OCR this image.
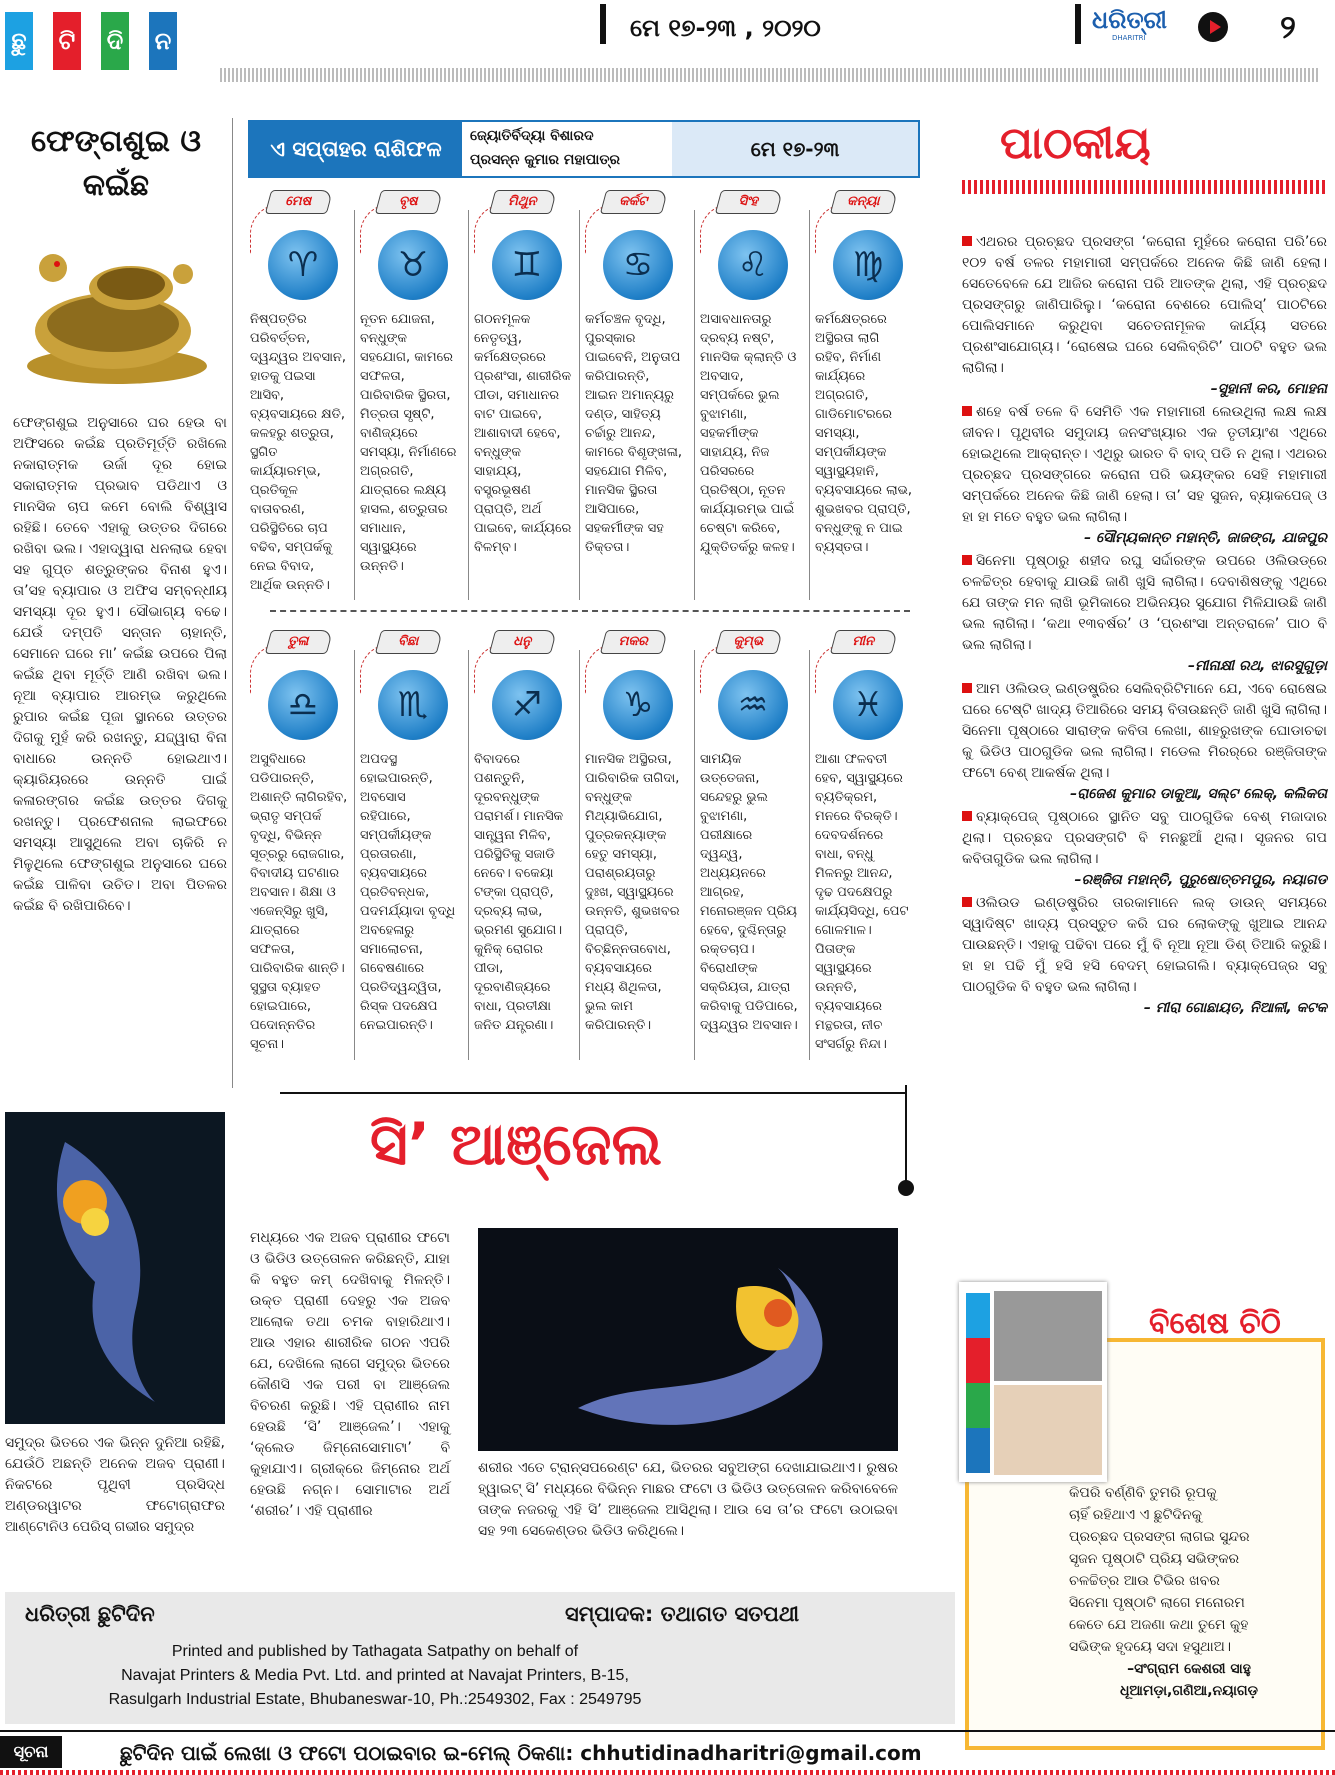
ଛୁ ଟି ଦି ନ	ମେ ୧୭-୨୩ , ୨୦୨୦	ଧରିତ୍ରୀ
DHARITRI	୨
ଫେଙ୍ଗଶୁଇ ଓ କଇଁଛ
ଫେଙ୍ଗଶୁଇ ଅନୁସାରେ ଘର ହେଉ ବା ଅଫିସରେ କଇଁଛ ପ୍ରତିମୂର୍ତ୍ତି ରଖିଲେ ନକାରାତ୍ମକ ଉର୍ଜା ଦୂର ହୋଇ ସକାରାତ୍ମକ ପ୍ରଭାବ ପଡିଥାଏ ଓ ମାନସିକ ଚାପ କମେ ବୋଲି ବିଶ୍ୱାସ ରହିଛି। ତେବେ ଏହାକୁ ଉତ୍ତର ଦିଗରେ ରଖିବା ଭଲ। ଏହାଦ୍ୱାରା ଧନଲାଭ ହେବା ସହ ଗୁପ୍ତ ଶତ୍ରୁଙ୍କର ବିନାଶ ହୁଏ। ତା’ସହ ବ୍ୟାପାର ଓ ଅଫିସ ସମ୍ବନ୍ଧୀୟ ସମସ୍ୟା ଦୂର ହୁଏ। ସୌଭାଗ୍ୟ ବଢେ। ଯେଉଁ ଦମ୍ପତି ସନ୍ତାନ ଚାହାନ୍ତି, ସେମାନେ ଘରେ ମା’ କଇଁଛ ଉପରେ ପିଲା କଇଁଛ ଥିବା ମୂର୍ତ୍ତି ଆଣି ରଖିବା ଭଲ। ନୂଆ ବ୍ୟାପାର ଆରମ୍ଭ କରୁଥିଲେ ରୁପାର କଇଁଛ ପୂଜା ସ୍ଥାନରେ ଉତ୍ତର ଦିଗକୁ ମୁହଁ କରି ରଖନ୍ତୁ, ଯଦ୍ଦ୍ୱାରା ବିନା ବାଧାରେ ଉନ୍ନତି ହୋଇଥାଏ। କ୍ୟାରିୟରରେ ଉନ୍ନତି ପାଇଁ କଳାରଙ୍ଗର କଇଁଛ ଉତ୍ତର ଦିଗକୁ ରଖନ୍ତୁ। ପ୍ରଫେଶନାଲ ଲାଇଫରେ ସମସ୍ୟା ଆସୁଥିଲେ ଅବା ଚାକିରି ନ ମିଳୁଥିଲେ ଫେଙ୍ଗଶୁଇ ଅନୁସାରେ ଘରେ କଇଁଛ ପାଳିବା ଉଚିତ। ଅବା ପିତଳର କଇଁଛ ବି ରଖିପାରିବେ।
ଏ ସପ୍ତାହର ରାଶିଫଳ
ଜ୍ୟୋତିର୍ବିଦ୍ୟା ବିଶାରଦ
ପ୍ରସନ୍ନ କୁମାର ମହାପାତ୍ର	ମେ ୧୭-୨୩
ମେଷ
♈
ନିଷ୍ପତ୍ତିର ପରିବର୍ତ୍ତନ, ଦ୍ୱନ୍ଦ୍ୱର ଅବସାନ, ହାତକୁ ପଇସା ଆସିବ, ବ୍ୟବସାୟରେ କ୍ଷତି, କଳହରୁ ଶତ୍ରୁତା, ସ୍ଥଗିତ କାର୍ଯ୍ୟାରମ୍ଭ, ପ୍ରତିକୂଳ ବାତାବରଣ, ପରିସ୍ଥିତିରେ ଚାପ ବଢିବ, ସମ୍ପର୍କକୁ ନେଇ ବିବାଦ, ଆର୍ଥିକ ଉନ୍ନତି।
ବୃଷ
♉
ନୂତନ ଯୋଜନା, ବନ୍ଧୁଙ୍କ ସହଯୋଗ, କାମରେ ସଫଳତା, ପାରିବାରିକ ସ୍ଥିରତା, ମିତ୍ରତା ସୃଷ୍ଟି, ବାଣିଜ୍ୟରେ ସମସ୍ୟା, ନିର୍ମାଣରେ ଅଗ୍ରଗତି, ଯାତ୍ରାରେ ଲକ୍ଷ୍ୟ ହାସଲ, ଶତ୍ରୁତାର ସମାଧାନ, ସ୍ୱାସ୍ଥ୍ୟରେ ଉନ୍ନତି।
ମିଥୁନ
♊
ଗଠନମୂଳକ ନେତୃତ୍ୱ, କର୍ମକ୍ଷେତ୍ରରେ ପ୍ରଶଂସା, ଶାରୀରିକ ପୀଡା, ସମାଧାନର ବାଟ ପାଇବେ, ଆଶାବାଦୀ ହେବେ, ବନ୍ଧୁଙ୍କ ସାହାଯ୍ୟ, ବସ୍ତ୍ରଭୂଷଣ ପ୍ରାପ୍ତି, ଅର୍ଥ ପାଇବେ, କାର୍ଯ୍ୟରେ ବିଳମ୍ବ।
କର୍କଟ
♋
କର୍ମଚଞ୍ଚଳ ବୃଦ୍ଧି, ପୁରସ୍କାର ପାଇବେନି, ଅନୁତାପ କରିପାରନ୍ତି, ଆଇନ ଅମାନ୍ୟରୁ ଦଣ୍ଡ, ସାହିତ୍ୟ ଚର୍ଚ୍ଚାରୁ ଆନନ୍ଦ, କାମରେ ବିଶୃଙ୍ଖଳା, ସହଯୋଗ ମିଳିବ, ମାନସିକ ସ୍ଥିରତା ଆସିପାରେ, ସହକର୍ମୀଙ୍କ ସହ ତିକ୍ତତା।
ସିଂହ
♌
ଅସାବଧାନତାରୁ ଦ୍ରବ୍ୟ ନଷ୍ଟ, ମାନସିକ କ୍ଲାନ୍ତି ଓ ଅବସାଦ, ସମ୍ପର୍କରେ ଭୁଲ ବୁଝାମଣା, ସହକର୍ମୀଙ୍କ ସାହାଯ୍ୟ, ନିଜ ପରିସରରେ ପ୍ରତିଷ୍ଠା, ନୂତନ କାର୍ଯ୍ୟାରମ୍ଭ ପାଇଁ ଚେଷ୍ଟା କରିବେ, ଯୁକ୍ତିତର୍କରୁ କଳହ।
କନ୍ୟା
♍
କର୍ମକ୍ଷେତ୍ରରେ ଅସ୍ଥିରତା ଲାଗି ରହିବ, ନିର୍ମାଣ କାର୍ଯ୍ୟରେ ଅଗ୍ରଗତି, ଗାଡିମୋଟରରେ ସମସ୍ୟା, ସମ୍ପର୍କୀୟଙ୍କ ସ୍ୱାସ୍ଥ୍ୟହାନି, ବ୍ୟବସାୟରେ ଲାଭ, ଶୁଭଖବର ପ୍ରାପ୍ତି, ବନ୍ଧୁଙ୍କୁ ନ ପାଇ ବ୍ୟସ୍ତତା।
ତୁଳା
♎
ଅସୁବିଧାରେ ପଡିପାରନ୍ତି, ଅଶାନ୍ତି ଲାଗିରହିବ, ଭ୍ରାତୃ ସମ୍ପର୍କ ବୃଦ୍ଧି, ବିଭିନ୍ନ ସୂତ୍ରରୁ ରୋଜଗାର, ବିବାଦୀୟ ଘଟଣାର ଅବସାନ। ଶିକ୍ଷା ଓ ଏଜେନ୍ସିରୁ ଖୁସି, ଯାତ୍ରାରେ ସଫଳତା, ପାରିବାରିକ ଶାନ୍ତି। ସୁସ୍ଥତା ବ୍ୟାହତ ହୋଇପାରେ, ପଦୋନ୍ନତିର ସୂଚନା।
ବିଛା
♏
ଅପଦସ୍ଥ ହୋଇପାରନ୍ତି, ଅବସୋସ ରହିପାରେ, ସମ୍ପର୍କୀୟଙ୍କ ପ୍ରତାରଣା, ବ୍ୟବସାୟରେ ପ୍ରତିବନ୍ଧକ, ପଦମର୍ଯ୍ୟାଦା ବୃଦ୍ଧି ଅବହେଳାରୁ ସମାଲୋଚନା, ଗବେଷଣାରେ ପ୍ରତିଦ୍ୱନ୍ଦ୍ୱିତା, ରିସ୍କ ପଦକ୍ଷେପ ନେଇପାରନ୍ତି।
ଧନୁ
♐
ବିବାଦରେ ପଶନ୍ତୁନି, ଦୂରବନ୍ଧୁଙ୍କ ପରାମର୍ଶ। ମାନସିକ ସାନ୍ତ୍ୱନା ମିଳିବ, ପରିସ୍ଥିତିକୁ ସଜାଡି ନେବେ। ବକେୟା ଟଙ୍କା ପ୍ରାପ୍ତି, ଦ୍ରବ୍ୟ ଲାଭ, ଭ୍ରମଣ ସୁଯୋଗ। କୁନିକ୍ ରୋଗର ପୀଡା, ଦୂରବାଣିଜ୍ୟରେ ବାଧା, ପ୍ରତୀକ୍ଷା ଜନିତ ଯନ୍ତ୍ରଣା।
ମକର
♑
ମାନସିକ ଅସ୍ଥିରତା, ପାରିବାରିକ ତାଗିଦା, ବନ୍ଧୁଙ୍କ ମିଥ୍ୟାଭିଯୋଗ, ପୁତ୍ରକନ୍ୟାଙ୍କ ହେତୁ ସମସ୍ୟା, ପରାଶ୍ରୟତାରୁ ଦୁଃଖ, ସ୍ୱାସ୍ଥ୍ୟରେ ଉନ୍ନତି, ଶୁଭଖବର ପ୍ରାପ୍ତି, ବିଚ୍ଛିନ୍ନତାବୋଧ, ବ୍ୟବସାୟରେ ମଧ୍ୟ ଶିଥିଳତା, ଭୁଲ କାମ କରିପାରନ୍ତି।
କୁମ୍ଭ
♒
ସାମୟିକ ଉତ୍ତେଜନା, ସନ୍ଦେହରୁ ଭୁଲ ବୁଝାମଣା, ପରୀକ୍ଷାରେ ଦ୍ୱନ୍ଦ୍ୱ, ଅଧ୍ୟୟନରେ ଆଗ୍ରହ, ମନୋରଞ୍ଜନ ପ୍ରିୟ ହେବେ, ଦୁଶ୍ଚିନ୍ତାରୁ ରକ୍ତଚାପ। ବିରୋଧୀଙ୍କ ସକ୍ରିୟତା, ଯାତ୍ରା କରିବାକୁ ପଡିପାରେ, ଦ୍ୱନ୍ଦ୍ୱର ଅବସାନ।
ମୀନ
♓
ଆଶା ଫଳବତୀ ହେବ, ସ୍ୱାସ୍ଥ୍ୟରେ ବ୍ୟତିକ୍ରମ, ମନରେ ବିରକ୍ତି। ଦେବଦର୍ଶନରେ ବାଧା, ବନ୍ଧୁ ମିଳନରୁ ଆନନ୍ଦ, ଦୃଢ ପଦକ୍ଷେପରୁ କାର୍ଯ୍ୟସିଦ୍ଧି, ପେଟ ଗୋଳମାଳ। ପିତାଙ୍କ ସ୍ୱାସ୍ଥ୍ୟରେ ଉନ୍ନତି, ବ୍ୟବସାୟରେ ମନ୍ଥରତା, ନୀଚ ସଂସର୍ଗରୁ ନିନ୍ଦା।
ସି’ ଆଞ୍ଜେଲ
ସମୁଦ୍ର ଭିତରେ ଏକ ଭିନ୍ନ ଦୁନିଆ ରହିଛି, ଯେଉଁଠି ଅଛନ୍ତି ଅନେକ ଅଜବ ପ୍ରାଣୀ। ନିକଟରେ ପୃଥିବୀ ପ୍ରସିଦ୍ଧ ଅଣ୍ଡରୱାଟର ଫଟୋଗ୍ରାଫର ଆଣ୍ଟୋନିଓ ପେରିସ୍ ଗଭୀର ସମୁଦ୍ର
ମଧ୍ୟରେ ଏକ ଅଜବ ପ୍ରାଣୀର ଫଟୋ ଓ ଭିଡିଓ ଉତ୍ତୋଳନ କରିଛନ୍ତି, ଯାହା କି ବହୁତ କମ୍ ଦେଖିବାକୁ ମିଳନ୍ତି। ଉକ୍ତ ପ୍ରାଣୀ ଦେହରୁ ଏକ ଅଜବ ଆଲୋକ ତଥା ଚମକ ବାହାରିଥାଏ। ଆଉ ଏହାର ଶାରୀରିକ ଗଠନ ଏପରି ଯେ, ଦେଖିଲେ ଲାଗେ ସମୁଦ୍ର ଭିତରେ କୌଣସି ଏକ ପରୀ ବା ଆଞ୍ଜେଲ ବିଚରଣ କରୁଛି। ଏହି ପ୍ରାଣୀର ନାମ ହେଉଛି ‘ସି’ ଆଞ୍ଜେଲ’। ଏହାକୁ ‘କ୍ଲେଡ ଜିମ୍ନୋସୋମାଟା’ ବି କୁହାଯାଏ। ଗ୍ରୀକ୍‌ରେ ଜିମ୍ନୋର ଅର୍ଥ ହେଉଛି ନଗ୍ନ। ସୋମାଟାର ଅର୍ଥ ‘ଶରୀର’। ଏହି ପ୍ରାଣୀର
ଶରୀର ଏତେ ଟ୍ରାନ୍ସପରେଣ୍ଟ ଯେ, ଭିତରର ସବୁଅଙ୍ଗ ଦେଖାଯାଇଥାଏ। ରୁଷର ହ୍ୱାଇଟ୍ ସି’ ମଧ୍ୟରେ ବିଭିନ୍ନ ମାଛର ଫଟୋ ଓ ଭିଡିଓ ଉତ୍ତୋଳନ କରିବାବେଳେ ତାଙ୍କ ନଜରକୁ ଏହି ସି’ ଆଞ୍ଜେଲ ଆସିଥିଲା। ଆଉ ସେ ତା’ର ଫଟୋ ଉଠାଇବା ସହ ୨୩ ସେକେଣ୍ଡର ଭିଡିଓ କରିଥିଲେ।
ପାଠକୀୟ
ଏଥରର ପ୍ରଚ୍ଛଦ ପ୍ରସଙ୍ଗ ‘କରୋନା ମୁହଁରେ କରୋନା ପରି’ରେ ୧୦୨ ବର୍ଷ ତଳର ମହାମାରୀ ସମ୍ପର୍କରେ ଅନେକ କିଛି ଜାଣି ହେଲା। ସେତେବେଳେ ଯେ ଆଜିର କରୋନା ପରି ଆତଙ୍କ ଥିଲା, ଏହି ପ୍ରଚ୍ଛଦ ପ୍ରସଙ୍ଗରୁ ଜାଣିପାରିଲୁ। ‘କରୋନା ବେଶରେ ପୋଲିସ୍’ ପାଠଟିରେ ପୋଲିସମାନେ କରୁଥିବା ସଚେତନାମୂଳକ କାର୍ଯ୍ୟ ସତରେ ପ୍ରଶଂସାଯୋଗ୍ୟ। ‘ରୋଷେଇ ଘରେ ସେଲିବ୍ରିଟି’ ପାଠଟି ବହୁତ ଭଲ ଲାଗିଲା।
–ସୁହାନୀ କର, ମୋହନା
ଶହେ ବର୍ଷ ତଳେ ବି ସେମିତି ଏକ ମହାମାରୀ ଲେଉଥିଲା ଲକ୍ଷ ଲକ୍ଷ ଜୀବନ। ପୃଥିବୀର ସମୁଦାୟ ଜନସଂଖ୍ୟାର ଏକ ତୃତୀୟାଂଶ ଏଥିରେ ହୋଇଥିଲେ ଆକ୍ରାନ୍ତ। ଏଥିରୁ ଭାରତ ବି ବାଦ୍ ପଡି ନ ଥିଲା। ଏଥରର ପ୍ରଚ୍ଛଦ ପ୍ରସଙ୍ଗରେ କରୋନା ପରି ଭୟଙ୍କର ସେହି ମହାମାରୀ ସମ୍ପର୍କରେ ଅନେକ କିଛି ଜାଣି ହେଲା। ତା’ ସହ ସୁଜନ, ବ୍ୟାକପେଜ୍ ଓ ହା ହା ମତେ ବହୁତ ଭଲ ଲାଗିଲା।
– ସୌମ୍ୟକାନ୍ତ ମହାନ୍ତି, ଜାଜଙ୍ଗ, ଯାଜପୁର
ସିନେମା ପୃଷ୍ଠାରୁ ଶହୀଦ ରଘୁ ସର୍ଦ୍ଦାରଙ୍କ ଉପରେ ଓଲିଉଡ୍‌ରେ ଚଳଚ୍ଚିତ୍ର ହେବାକୁ ଯାଉଛି ଜାଣି ଖୁସି ଲାଗିଲା। ଦେବାଶିଷଙ୍କୁ ଏଥିରେ ଯେ ତାଙ୍କ ମନ ଲାଖି ଭୂମିକାରେ ଅଭିନୟର ସୁଯୋଗ ମିଳିଯାଉଛି ଜାଣି ଭଲ ଲାଗିଲା। ‘କଥା ୧୩ବର୍ଷର’ ଓ ‘ପ୍ରଶଂସା ଅନ୍ତରାଳେ’ ପାଠ ବି ଭଲ ଲାଗିଲା।
–ମୀନାକ୍ଷୀ ରଥ, ଝାରସୁଗୁଡ଼ା
ଆମ ଓଲିଉଡ୍ ଇଣ୍ଡଷ୍ଟ୍ରିର ସେଲିବ୍ରିଟିମାନେ ଯେ, ଏବେ ରୋଷେଇ ଘରେ ଟେଷ୍ଟି ଖାଦ୍ୟ ତିଆରିରେ ସମୟ ବିତାଉଛନ୍ତି ଜାଣି ଖୁସି ଲାଗିଲା। ସିନେମା ପୃଷ୍ଠାରେ ସାରାଙ୍କ କବିତା ଲେଖା, ଶାହରୁଖଙ୍କ ଘୋଡାଚଢା କୁ ଭିଡିଓ ପାଠଗୁଡିକ ଭଲ ଲାଗିଲା। ମଡେଲ ମିରର୍‌ରେ ରଞ୍ଜିତାଙ୍କ ଫଟୋ ବେଶ୍ ଆକର୍ଷକ ଥିଲା।
–ରାଜେଶ କୁମାର ଡାକୁଆ, ସଲ୍ଟ ଲେକ୍, କଲିକତା
ବ୍ୟାକ୍‌ପେଜ୍ ପୃଷ୍ଠାରେ ସ୍ଥାନିତ ସବୁ ପାଠଗୁଡିକ ବେଶ୍ ମଜାଦାର ଥିଲା। ପ୍ରଚ୍ଛଦ ପ୍ରସଙ୍ଗଟି ବି ମନଛୁଆଁ ଥିଲା। ସୃଜନର ଗପ କବିତାଗୁଡିକ ଭଲ ଲାଗିଲା।
–ରଞ୍ଜିତା ମହାନ୍ତି, ପୁରୁଷୋତ୍ତମପୁର, ନୟାଗଡ
ଓଲିଉଡ ଇଣ୍ଡଷ୍ଟ୍ରିର ତାରକାମାନେ ଲକ୍ ଡାଉନ୍ ସମୟରେ ସ୍ୱାଦିଷ୍ଟ ଖାଦ୍ୟ ପ୍ରସ୍ତୁତ କରି ଘର ଲୋକଙ୍କୁ ଖୁଆଇ ଆନନ୍ଦ ପାଉଛନ୍ତି। ଏହାକୁ ପଢିବା ପରେ ମୁଁ ବି ନୂଆ ନୂଆ ଡିଶ୍ ତିଆରି କରୁଛି। ହା ହା ପଢି ମୁଁ ହସି ହସି ବେଦମ୍ ହୋଇଗଲି। ବ୍ୟାକ୍‌ପେଜ୍‌ର ସବୁ ପାଠଗୁଡିକ ବି ବହୁତ ଭଲ ଲାଗିଲା।
– ମୀରା ଗୋଛାୟତ, ନିଆଳୀ, କଟକ
ବିଶେଷ ଚିଠି
କିପରି ବର୍ଣ୍ଣିବି ତୁମରି ରୂପକୁ
ଚାହିଁ ରହିଥାଏ ଏ ଛୁଟିଦିନକୁ
ପ୍ରଚ୍ଛଦ ପ୍ରସଙ୍ଗ ଲାଗଇ ସୁନ୍ଦର
ସୃଜନ ପୃଷ୍ଠାଟି ପ୍ରିୟ ସଭିଙ୍କର
ଚଳଚ୍ଚିତ୍ର ଆଉ ଟିଭିର ଖବର
ସିନେମା ପୃଷ୍ଠାଟି ଲାଗେ ମନୋରମ
କେତେ ଯେ ଅଜଣା କଥା ତୁମେ କୁହ
ସଭିଙ୍କ ହୃଦୟେ ସଦା ହସୁଥାଅ।
–ସଂଗ୍ରାମ କେଶରୀ ସାହୁ
ଧୂଆମଡ଼ା,ଗଣିଆ,ନୟାଗଡ଼
ଧରିତ୍ରୀ ଛୁଟିଦିନ	ସମ୍ପାଦକ: ତଥାଗତ ସତପଥୀ
Printed and published by Tathagata Satpathy on behalf of
Navajat Printers & Media Pvt. Ltd. and printed at Navajat Printers, B-15,
Rasulgarh Industrial Estate, Bhubaneswar-10, Ph.:2549302, Fax : 2549795
ସୂଚନା	ଛୁଟିଦିନ ପାଇଁ ଲେଖା ଓ ଫଟୋ ପଠାଇବାର ଇ-ମେଲ୍ ଠିକଣା: chhutidinadharitri@gmail.com
